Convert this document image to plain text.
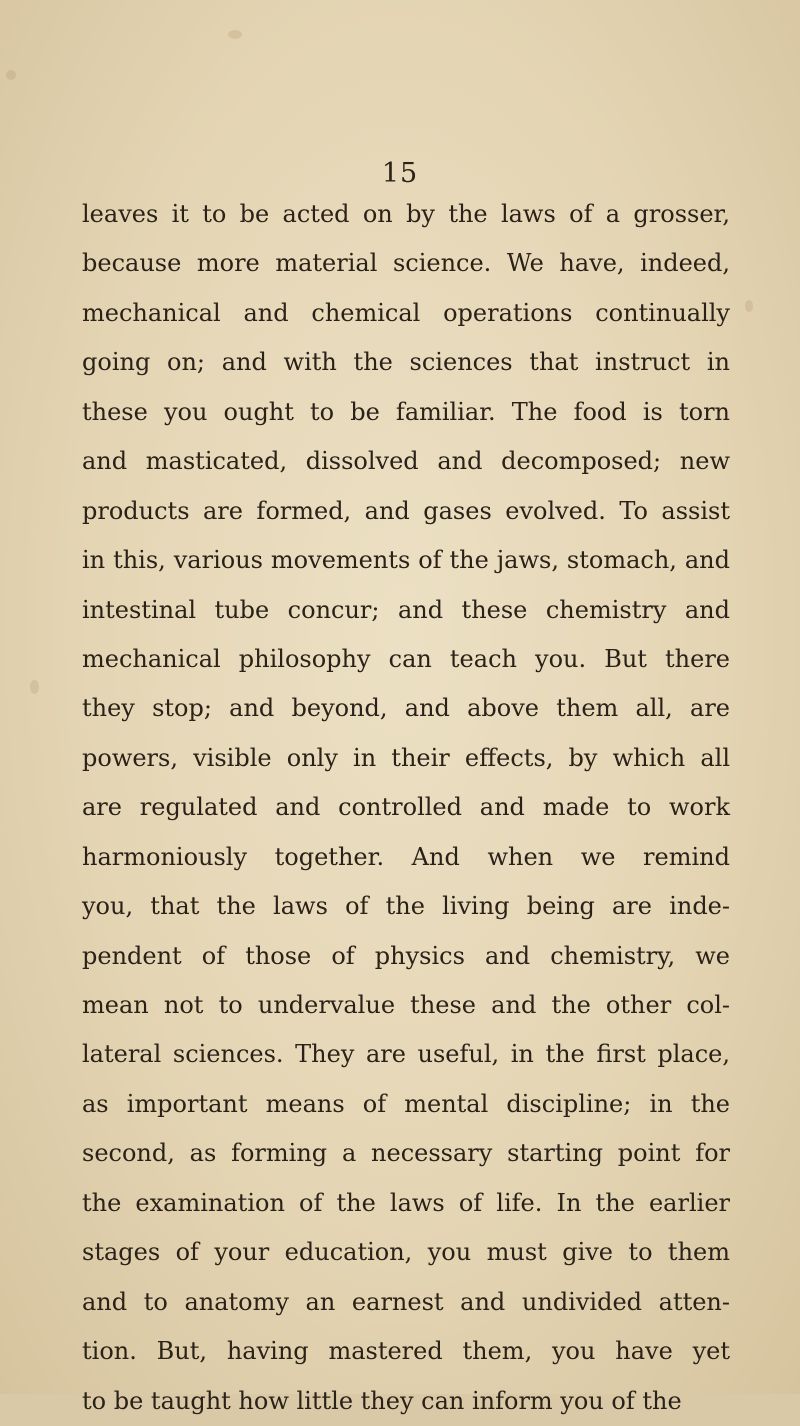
15
leaves it to be acted on by the laws of a grosser,
because more material science. We have, indeed,
mechanical and chemical operations continually
going on; and with the sciences that instruct in
these you ought to be familiar. The food is torn
and masticated, dissolved and decomposed; new
products are formed, and gases evolved. To assist
in this, various movements of the jaws, stomach, and
intestinal tube concur; and these chemistry and
mechanical philosophy can teach you. But there
they stop; and beyond, and above them all, are
powers, visible only in their effects, by which all
are regulated and controlled and made to work
harmoniously together. And when we remind
you, that the laws of the living being are inde-
pendent of those of physics and chemistry, we
mean not to undervalue these and the other col-
lateral sciences. They are useful, in the first place,
as important means of mental discipline; in the
second, as forming a necessary starting point for
the examination of the laws of life. In the earlier
stages of your education, you must give to them
and to anatomy an earnest and undivided atten-
tion. But, having mastered them, you have yet
to be taught how little they can inform you of the
